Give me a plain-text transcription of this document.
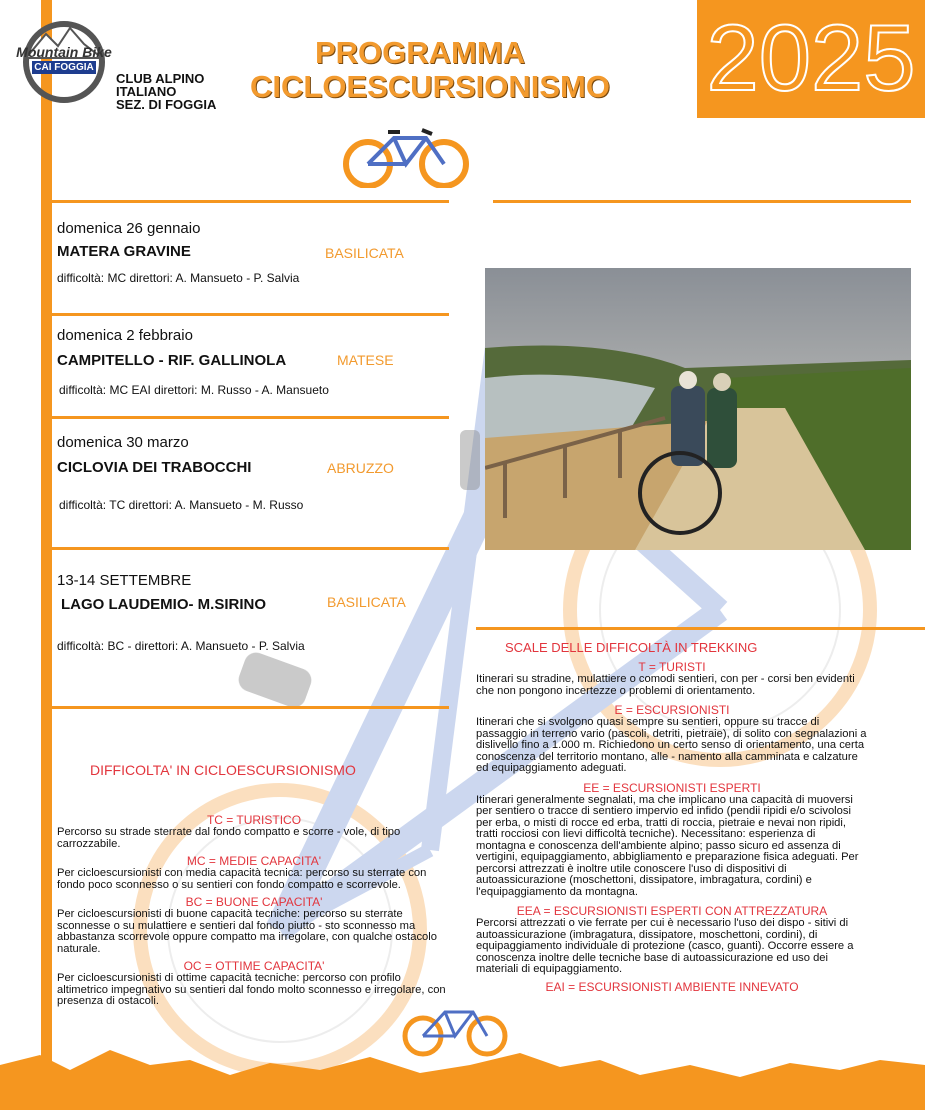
Mountain Bike
CAI FOGGIA
CLUB ALPINO
ITALIANO
SEZ. DI FOGGIA
PROGRAMMA
CICLOESCURSIONISMO 2025
domenica 26 gennaio
MATERA GRAVINE	BASILICATA
difficoltà: MC direttori: A. Mansueto - P. Salvia
domenica 2 febbraio
CAMPITELLO - RIF. GALLINOLA	MATESE
difficoltà: MC EAI direttori: M. Russo - A. Mansueto
domenica 30 marzo
CICLOVIA DEI TRABOCCHI	ABRUZZO
difficoltà: TC direttori: A. Mansueto - M. Russo
13-14 SETTEMBRE
LAGO LAUDEMIO- M.SIRINO	BASILICATA
difficoltà: BC - direttori: A. Mansueto - P. Salvia
DIFFICOLTA' IN CICLOESCURSIONISMO
TC = TURISTICO
Percorso su strade sterrate dal fondo compatto e scorre - vole, di tipo carrozzabile.
MC = MEDIE CAPACITA'
Per cicloescursionisti con media capacità tecnica: percorso su sterrate con fondo poco sconnesso o su sentieri con fondo compatto e scorrevole.
BC = BUONE CAPACITA'
Per cicloescursionisti di buone capacità tecniche: percorso su sterrate sconnesse o su mulattiere e sentieri dal fondo piutto - sto sconnesso ma abbastanza scorrevole oppure compatto ma irregolare, con qualche ostacolo naturale.
OC = OTTIME CAPACITA'
Per cicloescursionisti di ottime capacità tecniche: percorso con profilo altimetrico impegnativo su sentieri dal fondo molto sconnesso e irregolare, con presenza di ostacoli.
SCALE DELLE DIFFICOLTÀ IN TREKKING
T = TURISTI
Itinerari su stradine, mulattiere o comodi sentieri, con per - corsi ben evidenti che non pongono incertezze o problemi di orientamento.
E = ESCURSIONISTI
Itinerari che si svolgono quasi sempre su sentieri, oppure su tracce di passaggio in terreno vario (pascoli, detriti, pietraie), di solito con segnalazioni a dislivello fino a 1.000 m. Richiedono un certo senso di orientamento, una certa conoscenza del territorio montano, alle - namento alla camminata e calzature ed equipaggiamento adeguati.
EE = ESCURSIONISTI ESPERTI
Itinerari generalmente segnalati, ma che implicano una capacità di muoversi per sentiero o tracce di sentiero impervio ed infido (pendii ripidi e/o scivolosi per erba, o misti di rocce ed erba, tratti di roccia, pietraie e nevai non ripidi, tratti rocciosi con lievi difficoltà tecniche). Necessitano: esperienza di montagna e conoscenza dell'ambiente alpino; passo sicuro ed assenza di vertigini, equipaggiamento, abbigliamento e preparazione fisica adeguati. Per percorsi attrezzati è inoltre utile conoscere l'uso di dispositivi di autoassicurazione (moschettoni, dissipatore, imbragatura, cordini) e l'equipaggiamento da montagna.
EEA = ESCURSIONISTI ESPERTI CON ATTREZZATURA
Percorsi attrezzati o vie ferrate per cui è necessario l'uso dei dispo - sitivi di autoassicurazione (imbragatura, dissipatore, moschettoni, cordini), di equipaggiamento individuale di protezione (casco, guanti). Occorre essere a conoscenza inoltre delle tecniche base di autoassicurazione ed uso dei materiali di equipaggiamento.
EAI = ESCURSIONISTI AMBIENTE INNEVATO
